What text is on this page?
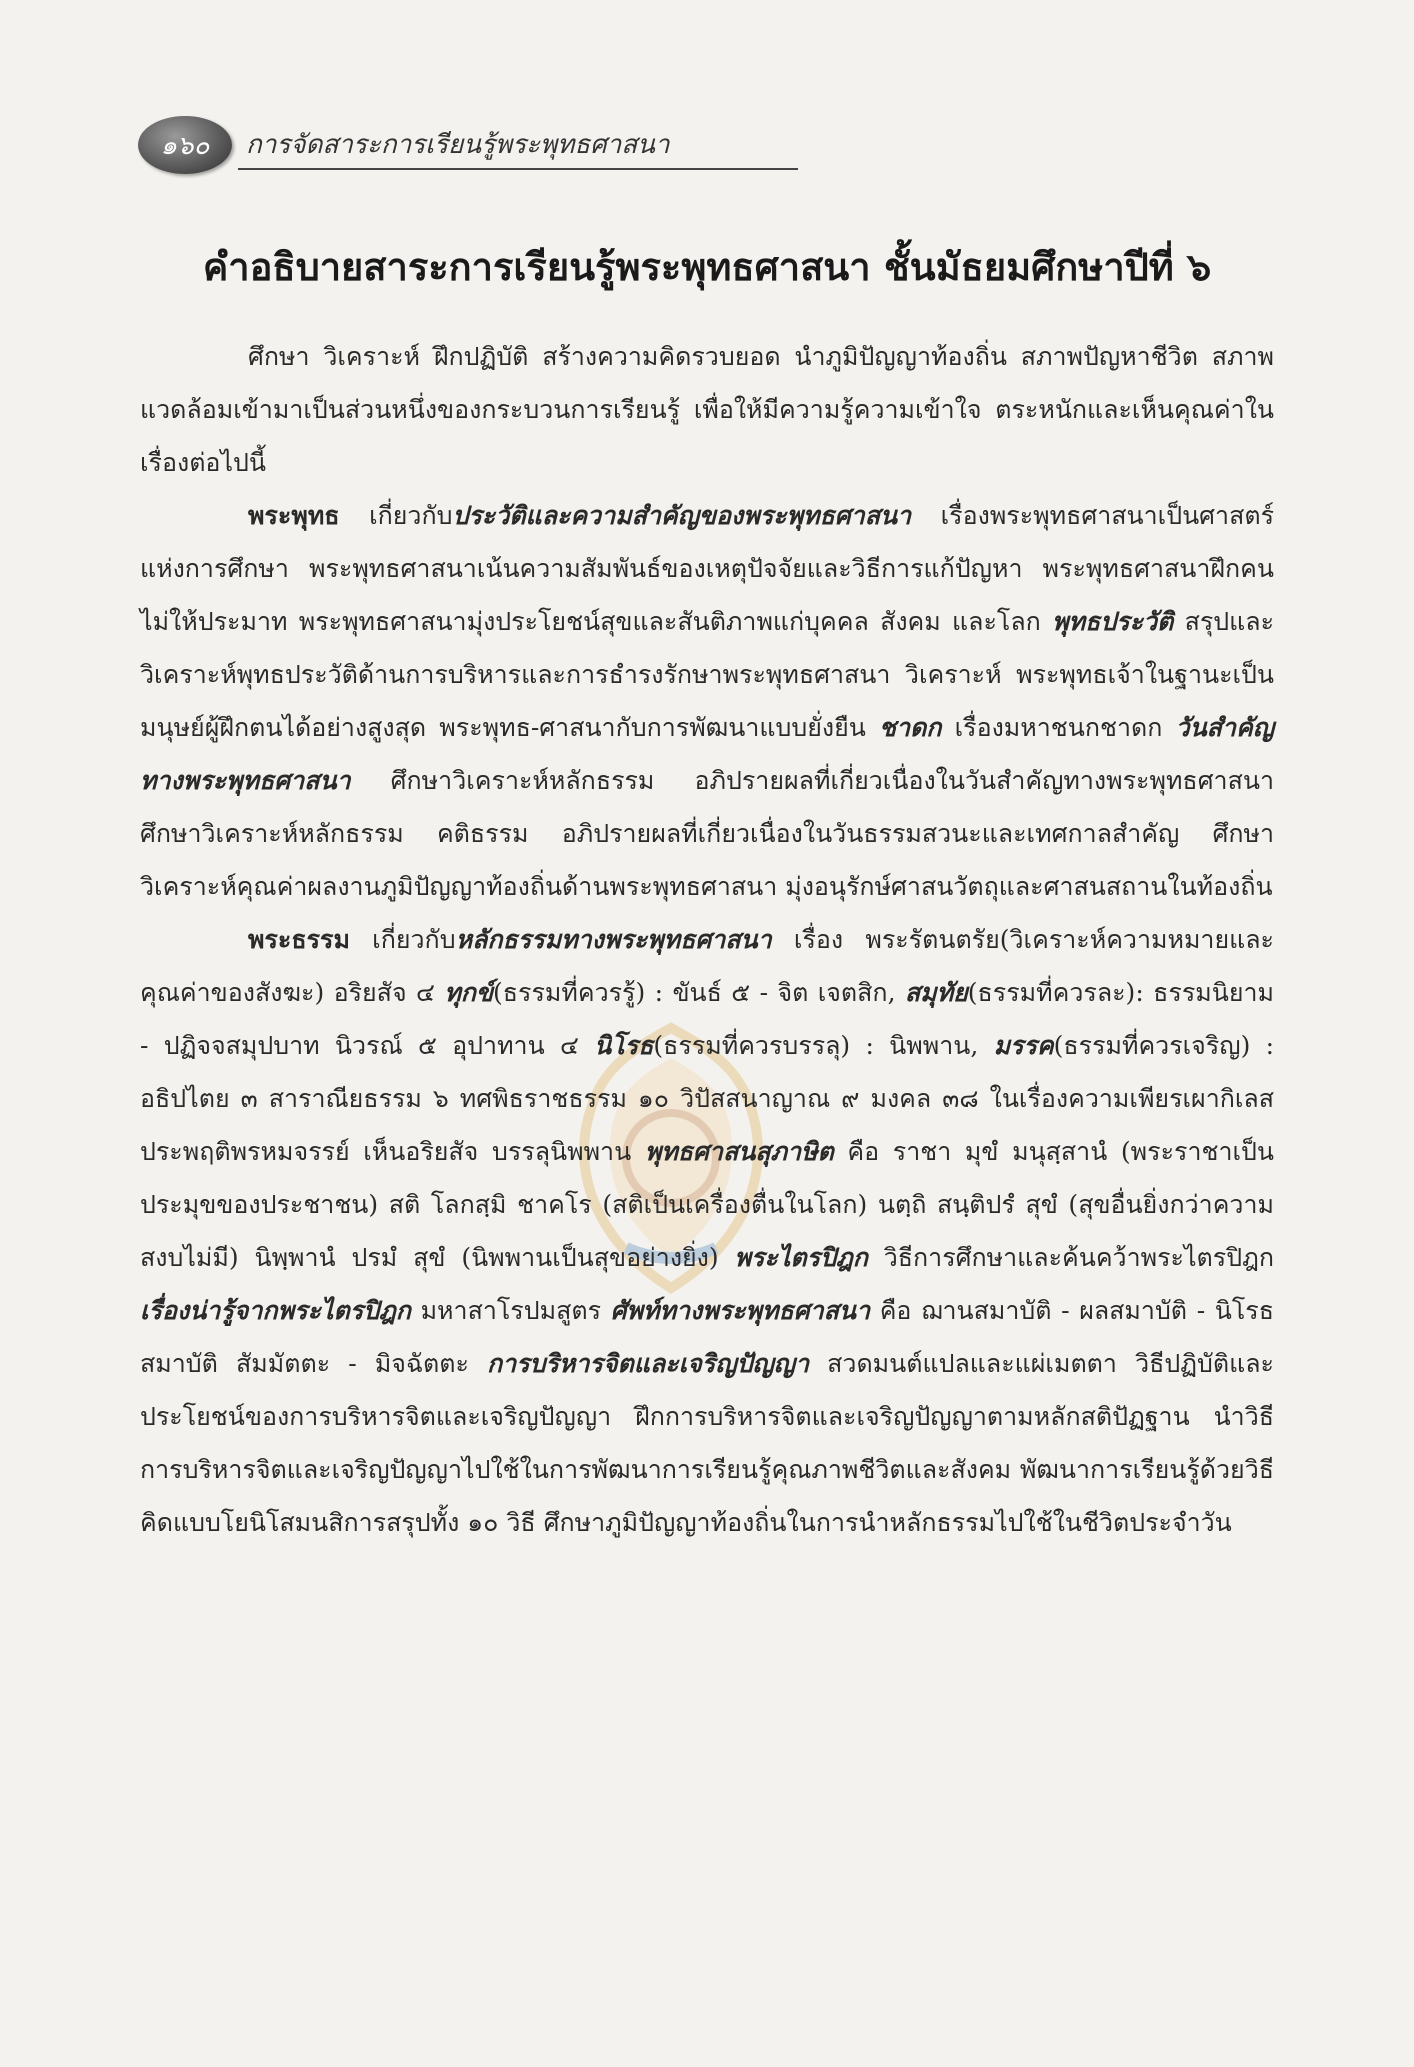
๑๖๐	การจัดสาระการเรียนรู้พระพุทธศาสนา
คำอธิบายสาระการเรียนรู้พระพุทธศาสนา ชั้นมัธยมศึกษาปีที่ ๖

ศึกษา วิเคราะห์ ฝึกปฏิบัติ สร้างความคิดรวบยอด นำภูมิปัญญาท้องถิ่น สภาพปัญหาชีวิต สภาพแวดล้อมเข้ามาเป็นส่วนหนึ่งของกระบวนการเรียนรู้ เพื่อให้มีความรู้ความเข้าใจ ตระหนักและเห็นคุณค่าในเรื่องต่อไปนี้

พระพุทธ เกี่ยวกับประวัติและความสำคัญของพระพุทธศาสนา เรื่องพระพุทธศาสนาเป็นศาสตร์แห่งการศึกษา พระพุทธศาสนาเน้นความสัมพันธ์ของเหตุปัจจัยและวิธีการแก้ปัญหา พระพุทธศาสนาฝึกคนไม่ให้ประมาท พระพุทธศาสนามุ่งประโยชน์สุขและสันติภาพแก่บุคคล สังคม และโลก พุทธประวัติ สรุปและวิเคราะห์พุทธประวัติด้านการบริหารและการธำรงรักษาพระพุทธศาสนา วิเคราะห์ พระพุทธเจ้าในฐานะเป็นมนุษย์ผู้ฝึกตนได้อย่างสูงสุด พระพุทธ-ศาสนากับการพัฒนาแบบยั่งยืน ชาดก เรื่องมหาชนกชาดก วันสำคัญทางพระพุทธศาสนา ศึกษาวิเคราะห์หลักธรรม อภิปรายผลที่เกี่ยวเนื่องในวันสำคัญทางพระพุทธศาสนา ศึกษาวิเคราะห์หลักธรรม คติธรรม อภิปรายผลที่เกี่ยวเนื่องในวันธรรมสวนะและเทศกาลสำคัญ ศึกษา วิเคราะห์คุณค่าผลงานภูมิปัญญาท้องถิ่นด้านพระพุทธศาสนา มุ่งอนุรักษ์ศาสนวัตถุและศาสนสถานในท้องถิ่น

พระธรรม เกี่ยวกับหลักธรรมทางพระพุทธศาสนา เรื่อง พระรัตนตรัย(วิเคราะห์ความหมายและคุณค่าของสังฆะ) อริยสัจ ๔ ทุกข์(ธรรมที่ควรรู้) : ขันธ์ ๕ - จิต เจตสิก, สมุทัย(ธรรมที่ควรละ): ธรรมนิยาม - ปฏิจจสมุปบาท นิวรณ์ ๕ อุปาทาน ๔ นิโรธ(ธรรมที่ควรบรรลุ) : นิพพาน, มรรค(ธรรมที่ควรเจริญ) : อธิปไตย ๓ สาราณียธรรม ๖ ทศพิธราชธรรม ๑๐ วิปัสสนาญาณ ๙ มงคล ๓๘ ในเรื่องความเพียรเผากิเลส ประพฤติพรหมจรรย์ เห็นอริยสัจ บรรลุนิพพาน พุทธศาสนสุภาษิต คือ ราชา มุขํ มนุสฺสานํ (พระราชาเป็นประมุขของประชาชน) สติ โลกสฺมิ ชาคโร (สติเป็นเครื่องตื่นในโลก) นตฺถิ สนฺติปรํ สุขํ (สุขอื่นยิ่งกว่าความสงบไม่มี) นิพฺพานํ ปรมํ สุขํ (นิพพานเป็นสุขอย่างยิ่ง) พระไตรปิฎก วิธีการศึกษาและค้นคว้าพระไตรปิฎก เรื่องน่ารู้จากพระไตรปิฎก มหาสาโรปมสูตร ศัพท์ทางพระพุทธศาสนา คือ ฌานสมาบัติ - ผลสมาบัติ - นิโรธสมาบัติ สัมมัตตะ - มิจฉัตตะ การบริหารจิตและเจริญปัญญา สวดมนต์แปลและแผ่เมตตา วิธีปฏิบัติและประโยชน์ของการบริหารจิตและเจริญปัญญา ฝึกการบริหารจิตและเจริญปัญญาตามหลักสติปัฏฐาน นำวิธีการบริหารจิตและเจริญปัญญาไปใช้ในการพัฒนาการเรียนรู้คุณภาพชีวิตและสังคม พัฒนาการเรียนรู้ด้วยวิธีคิดแบบโยนิโสมนสิการสรุปทั้ง ๑๐ วิธี ศึกษาภูมิปัญญาท้องถิ่นในการนำหลักธรรมไปใช้ในชีวิตประจำวัน
